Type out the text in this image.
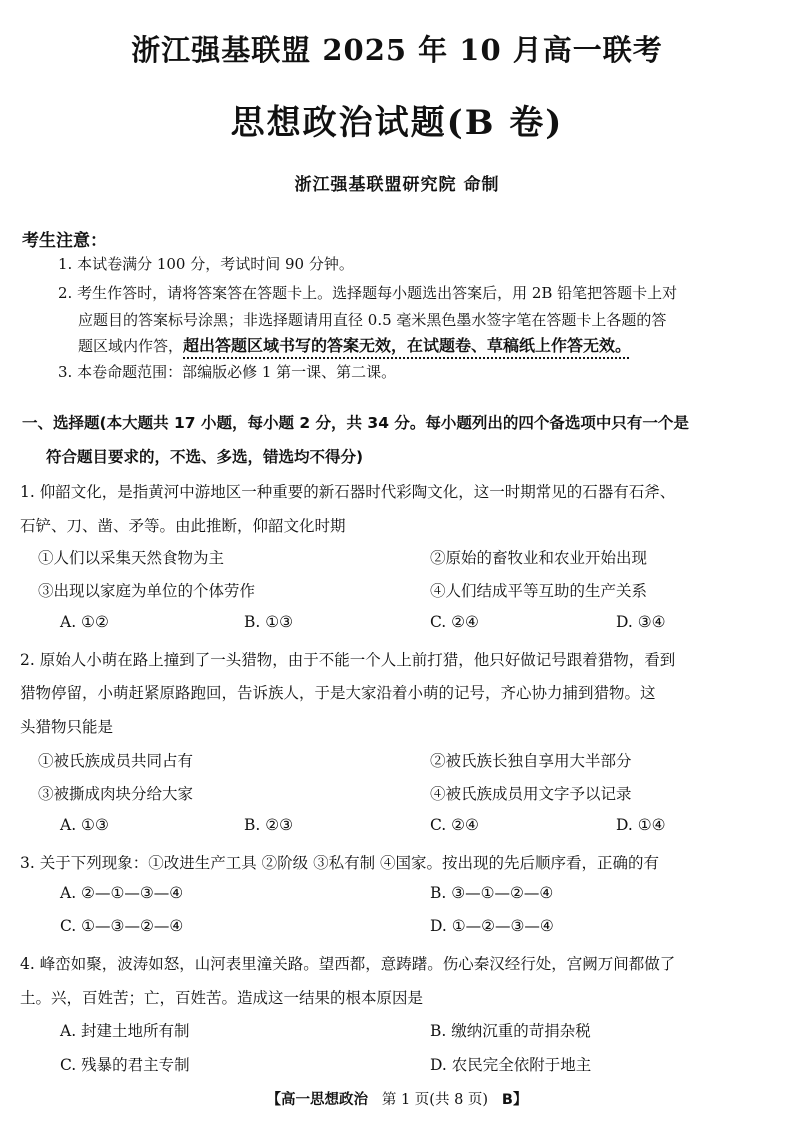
浙江强基联盟 2025 年 10 月高一联考
思想政治试题(B 卷)
浙江强基联盟研究院 命制
考生注意：
1. 本试卷满分 100 分，考试时间 90 分钟。
2. 考生作答时，请将答案答在答题卡上。选择题每小题选出答案后，用 2B 铅笔把答题卡上对
应题目的答案标号涂黑；非选择题请用直径 0.5 毫米黑色墨水签字笔在答题卡上各题的答
题区域内作答，超出答题区域书写的答案无效，在试题卷、草稿纸上作答无效。
3. 本卷命题范围：部编版必修 1 第一课、第二课。
一、选择题(本大题共 17 小题，每小题 2 分，共 34 分。每小题列出的四个备选项中只有一个是
符合题目要求的，不选、多选，错选均不得分)
1. 仰韶文化，是指黄河中游地区一种重要的新石器时代彩陶文化，这一时期常见的石器有石斧、
石铲、刀、凿、矛等。由此推断，仰韶文化时期
①人们以采集天然食物为主	②原始的畜牧业和农业开始出现
③出现以家庭为单位的个体劳作	④人们结成平等互助的生产关系
A. ①②	B. ①③	C. ②④	D. ③④
2. 原始人小萌在路上撞到了一头猎物，由于不能一个人上前打猎，他只好做记号跟着猎物，看到
猎物停留，小萌赶紧原路跑回，告诉族人，于是大家沿着小萌的记号，齐心协力捕到猎物。这
头猎物只能是
①被氏族成员共同占有	②被氏族长独自享用大半部分
③被撕成肉块分给大家	④被氏族成员用文字予以记录
A. ①③	B. ②③	C. ②④	D. ①④
3. 关于下列现象：①改进生产工具 ②阶级 ③私有制 ④国家。按出现的先后顺序看，正确的有
A. ②—①—③—④	B. ③—①—②—④
C. ①—③—②—④	D. ①—②—③—④
4. 峰峦如聚，波涛如怒，山河表里潼关路。望西都，意踌躇。伤心秦汉经行处，宫阙万间都做了
土。兴，百姓苦；亡，百姓苦。造成这一结果的根本原因是
A. 封建土地所有制	B. 缴纳沉重的苛捐杂税
C. 残暴的君主专制	D. 农民完全依附于地主
【高一思想政治 第 1 页(共 8 页) B】
